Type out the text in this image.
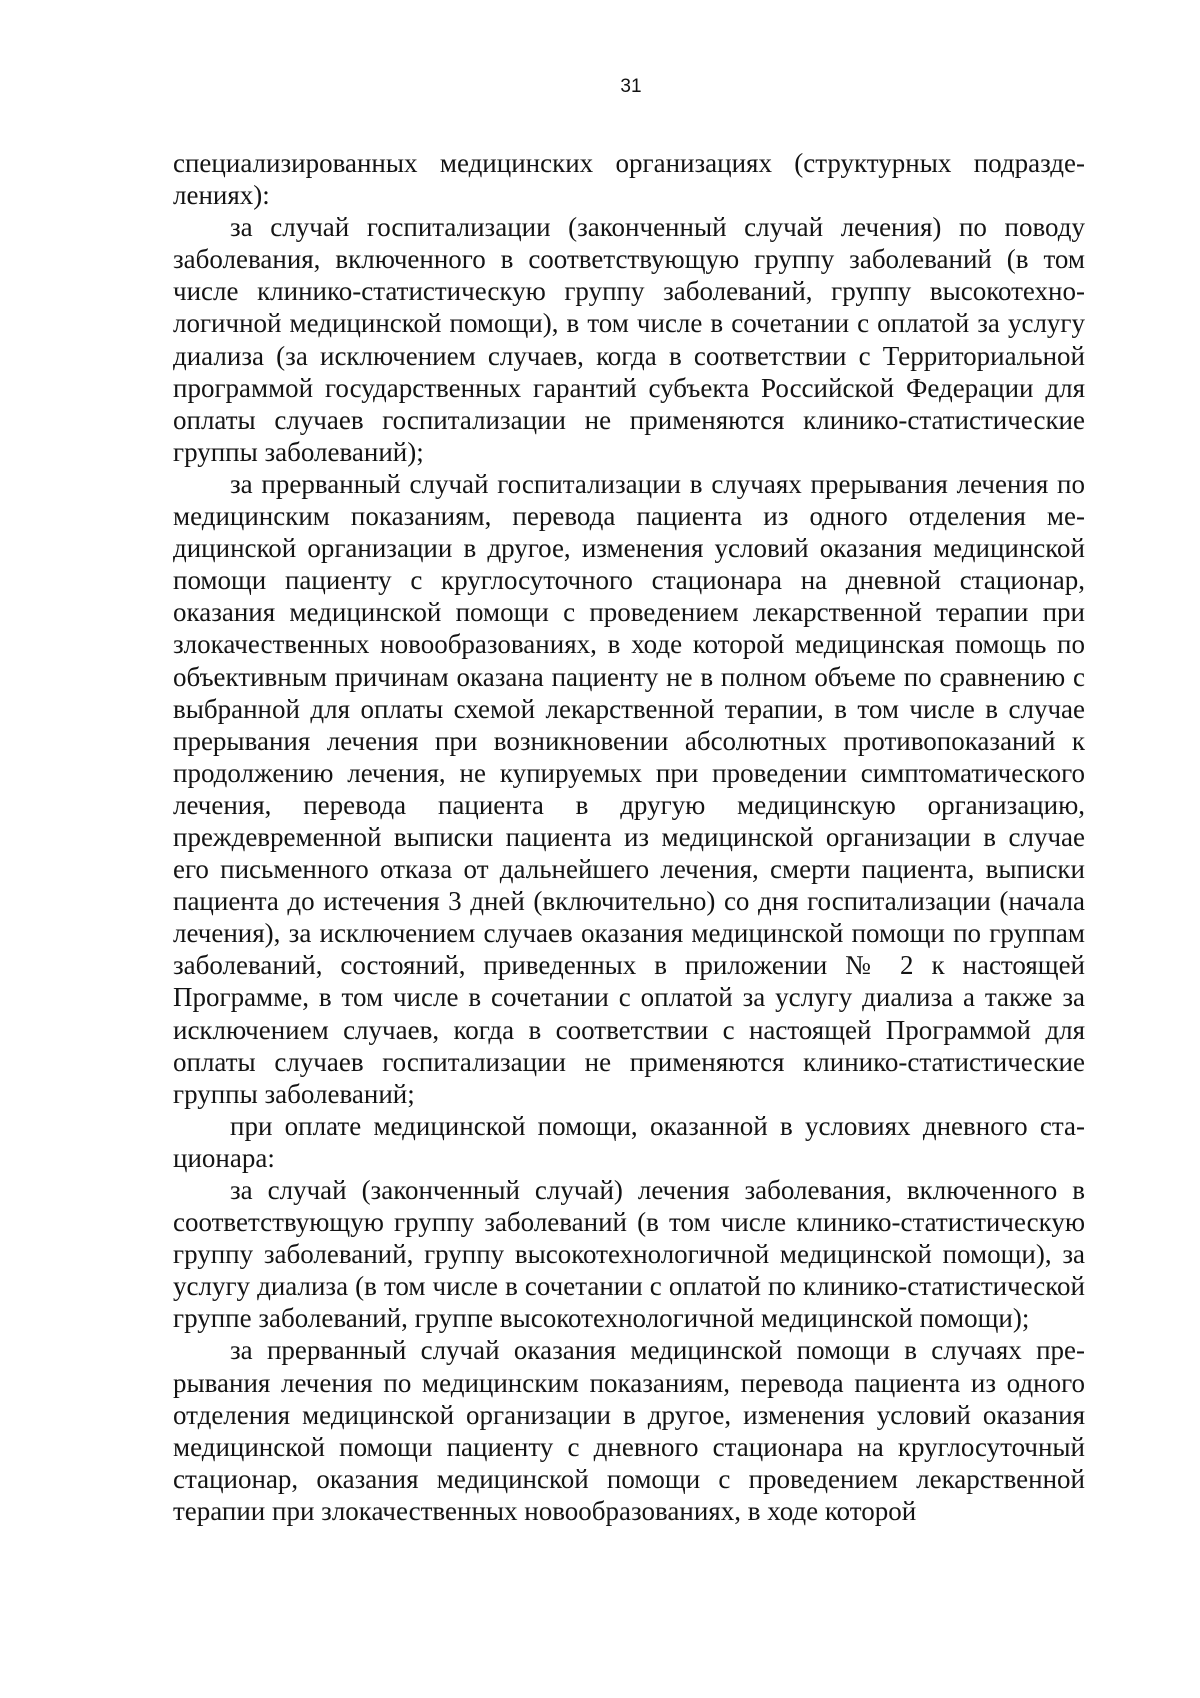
31

специализированных медицинских организациях (структурных подразделениях):

за случай госпитализации (законченный случай лечения) по поводу заболевания, включенного в соответствующую группу заболеваний (в том числе клинико-статистическую группу заболеваний, группу высокотехнологичной медицинской помощи), в том числе в сочетании с оплатой за услугу диализа (за исключением случаев, когда в соответствии с Территориальной программой государственных гарантий субъекта Российской Федерации для оплаты случаев госпитализации не применяются клинико-статистические группы заболеваний);

за прерванный случай госпитализации в случаях прерывания лечения по медицинским показаниям, перевода пациента из одного отделения медицинской организации в другое, изменения условий оказания медицинской помощи пациенту с круглосуточного стационара на дневной стационар, оказания медицинской помощи с проведением лекарственной терапии при злокачественных новообразованиях, в ходе которой медицинская помощь по объективным причинам оказана пациенту не в полном объеме по сравнению с выбранной для оплаты схемой лекарственной терапии, в том числе в случае прерывания лечения при возникновении абсолютных противопоказаний к продолжению лечения, не купируемых при проведении симптоматического лечения, перевода пациента в другую медицинскую организацию, преждевременной выписки пациента из медицинской организации в случае его письменного отказа от дальнейшего лечения, смерти пациента, выписки пациента до истечения 3 дней (включительно) со дня госпитализации (начала лечения), за исключением случаев оказания медицинской помощи по группам заболеваний, состояний, приведенных в приложении № 2 к настоящей Программе, в том числе в сочетании с оплатой за услугу диализа а также за исключением случаев, когда в соответствии с настоящей Программой для оплаты случаев госпитализации не применяются клинико-статистические группы заболеваний;

при оплате медицинской помощи, оказанной в условиях дневного стационара:

за случай (законченный случай) лечения заболевания, включенного в соответствующую группу заболеваний (в том числе клинико-статистическую группу заболеваний, группу высокотехнологичной медицинской помощи), за услугу диализа (в том числе в сочетании с оплатой по клинико-статистической группе заболеваний, группе высокотехнологичной медицинской помощи);

за прерванный случай оказания медицинской помощи в случаях прерывания лечения по медицинским показаниям, перевода пациента из одного отделения медицинской организации в другое, изменения условий оказания медицинской помощи пациенту с дневного стационара на круглосуточный стационар, оказания медицинской помощи с проведением лекарственной терапии при злокачественных новообразованиях, в ходе которой
